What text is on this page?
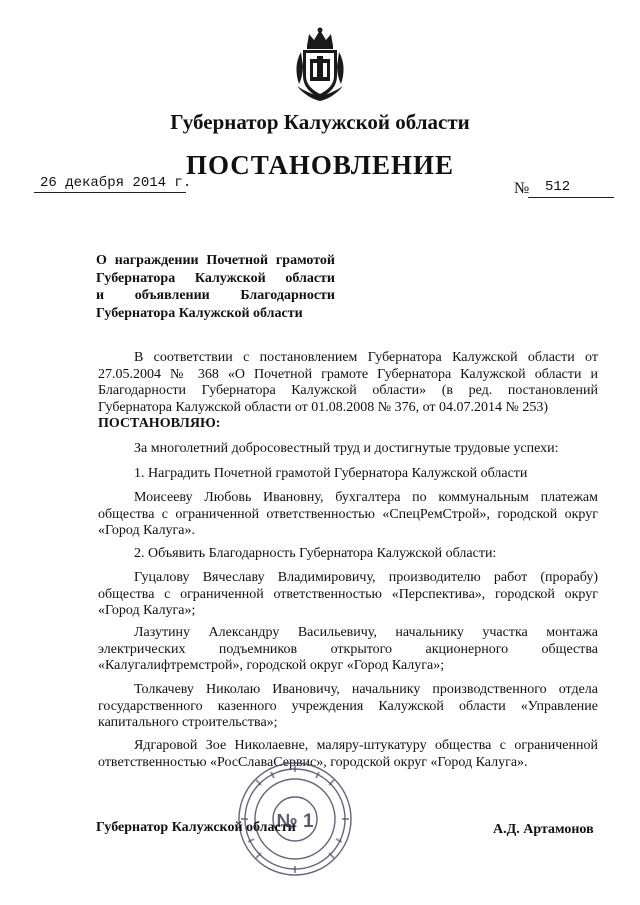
Губернатор Калужской области
ПОСТАНОВЛЕНИЕ
26 декабря 2014 г.	№ 512
О награждении Почетной грамотой
Губернатора Калужской области
и объявлении Благодарности
Губернатора Калужской области
В соответствии с постановлением Губернатора Калужской области от 27.05.2004 № 368 «О Почетной грамоте Губернатора Калужской области и Благодарности Губернатора Калужской области» (в ред. постановлений Губернатора Калужской области от 01.08.2008 № 376, от 04.07.2014 № 253)
ПОСТАНОВЛЯЮ:
За многолетний добросовестный труд и достигнутые трудовые успехи:
1. Наградить Почетной грамотой Губернатора Калужской области
Моисееву Любовь Ивановну, бухгалтера по коммунальным платежам общества с ограниченной ответственностью «СпецРемСтрой», городской округ «Город Калуга».
2. Объявить Благодарность Губернатора Калужской области:
Гуцалову Вячеславу Владимировичу, производителю работ (прорабу) общества с ограниченной ответственностью «Перспектива», городской округ «Город Калуга»;
Лазутину Александру Васильевичу, начальнику участка монтажа электрических подъемников открытого акционерного общества «Калугалифтремстрой», городской округ «Город Калуга»;
Толкачеву Николаю Ивановичу, начальнику производственного отдела государственного казенного учреждения Калужской области «Управление капитального строительства»;
Ядгаровой Зое Николаевне, маляру-штукатуру общества с ограниченной ответственностью «РосСлаваСервис», городской округ «Город Калуга».
№ 1
Губернатор Калужской области	А.Д. Артамонов
